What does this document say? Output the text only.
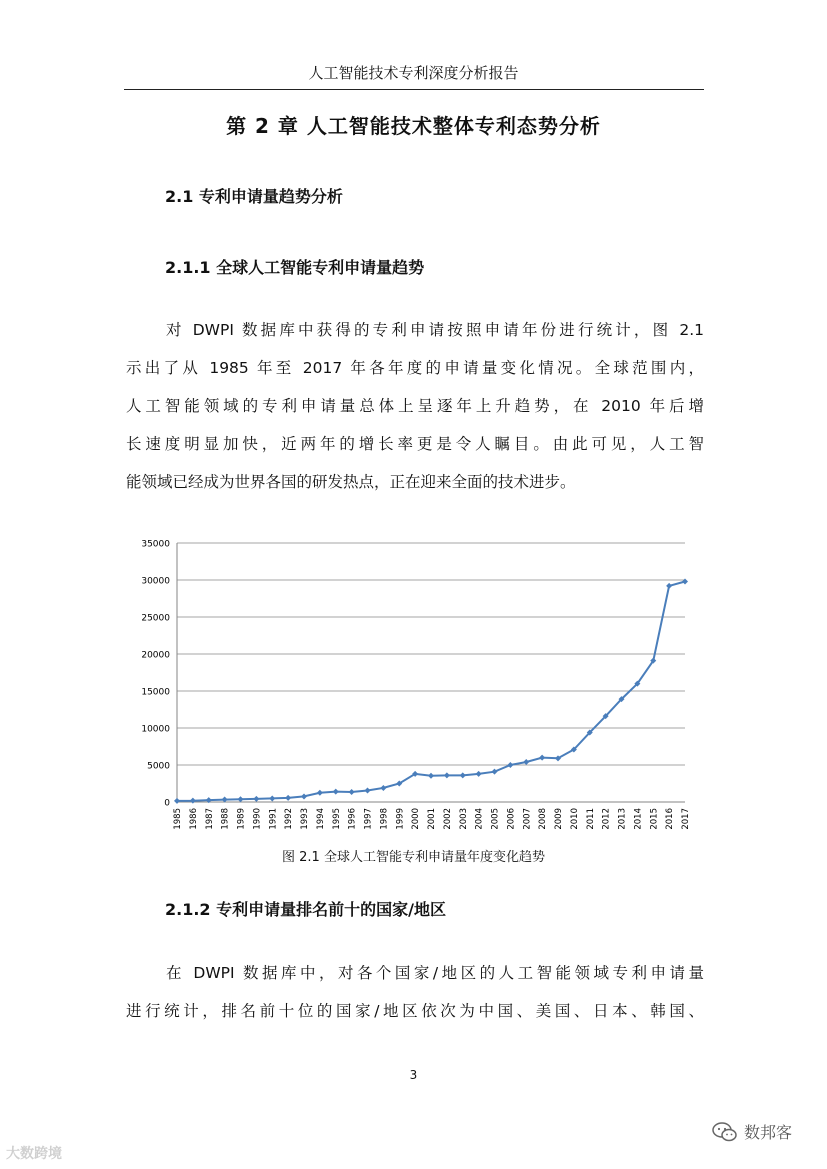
人工智能技术专利深度分析报告
第 2 章 人工智能技术整体专利态势分析
2.1 专利申请量趋势分析
2.1.1 全球人工智能专利申请量趋势
对 DWPI 数据库中获得的专利申请按照申请年份进行统计，图 2.1
示出了从 1985 年至 2017 年各年度的申请量变化情况。全球范围内，
人工智能领域的专利申请量总体上呈逐年上升趋势，在 2010 年后增
长速度明显加快，近两年的增长率更是令人瞩目。由此可见，人工智
能领域已经成为世界各国的研发热点，正在迎来全面的技术进步。
0
5000
10000
15000
20000
25000
30000
35000
1985 1986 1987 1988 1989 1990 1991 1992 1993 1994 1995 1996 1997 1998 1999 2000 2001 2002 2003 2004 2005 2006 2007 2008 2009 2010 2011 2012 2013 2014 2015 2016 2017
图 2.1 全球人工智能专利申请量年度变化趋势
2.1.2 专利申请量排名前十的国家/地区
在 DWPI 数据库中，对各个国家/地区的人工智能领域专利申请量
进行统计，排名前十位的国家/地区依次为中国、美国、日本、韩国、
3
大数跨境
数邦客
